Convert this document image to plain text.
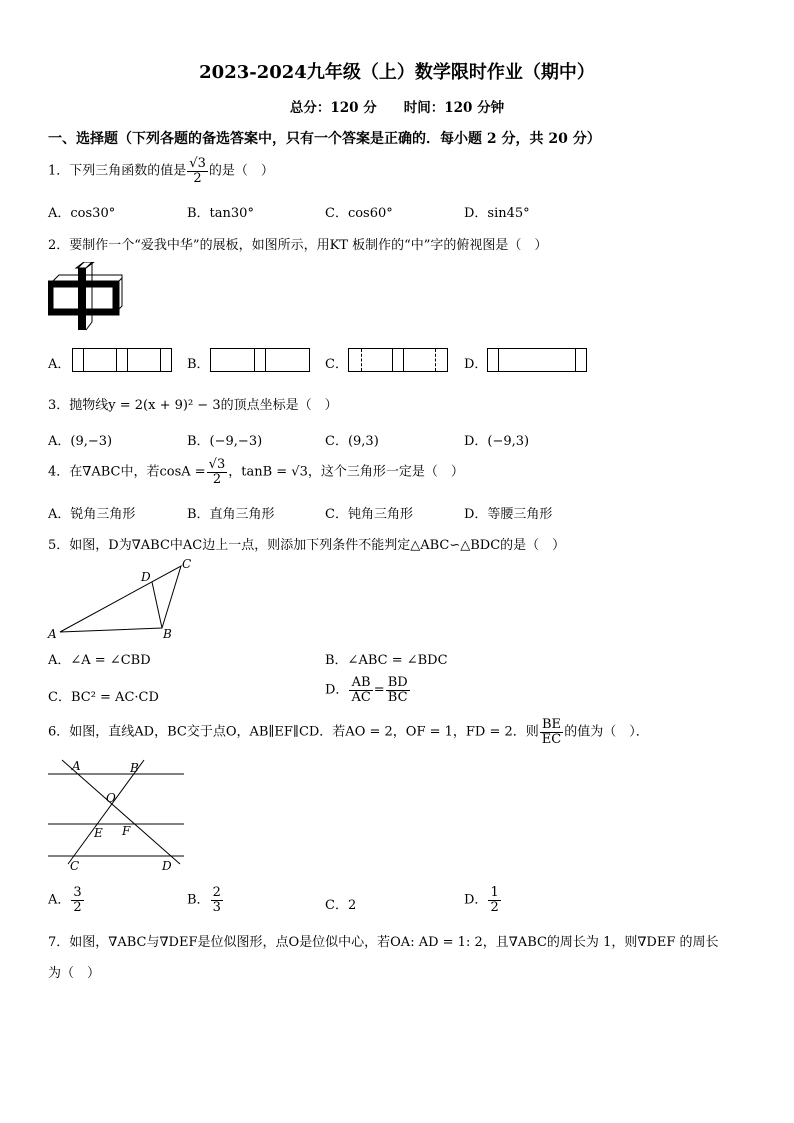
2023-2024九年级（上）数学限时作业（期中）
总分：120 分　　时间：120 分钟
一、选择题（下列各题的备选答案中，只有一个答案是正确的．每小题 2 分，共 20 分）
1．下列三角函数的值是 $\frac{√3}{2}$ 的是（　）
A．cos30°	B．tan30°	C．cos60°	D．sin45°
2．要制作一个“爱我中华”的展板，如图所示，用KT 板制作的“中”字的俯视图是（　）
A．	B．	C．	D．
3．抛物线y = 2(x + 9)² − 3的顶点坐标是（　）
A．(9,−3)	B．(−9,−3)	C．(9,3)	D．(−9,3)
4．在∇ABC中，若$\cos A = \frac{√3}{2}$ ，tanB = √3，这个三角形一定是（　）
A．锐角三角形	B．直角三角形	C．钝角三角形	D．等腰三角形
5．如图，D为∇ABC中AC边上一点，则添加下列条件不能判定△ABC∽△BDC的是（　）
A	B
C
D
A．∠A = ∠CBD	B．∠ABC = ∠BDC
C．BC² = AC·CD	D． $\frac{AB}{AC} = \frac{BD}{BC}$
6．如图，直线AD，BC交于点O，AB∥EF∥CD．若AO = 2，OF = 1，FD = 2．则 $\frac{BE}{EC}$ 的值为（　）．
A	B
O
E F
C	D
A． $\frac{3}{2}$	B． $\frac{2}{3}$	C．2	D． $\frac{1}{2}$
7．如图，∇ABC与∇DEF是位似图形，点O是位似中心，若OA: AD = 1: 2，且∇ABC的周长为 1，则∇DEF 的周长
为（　）
